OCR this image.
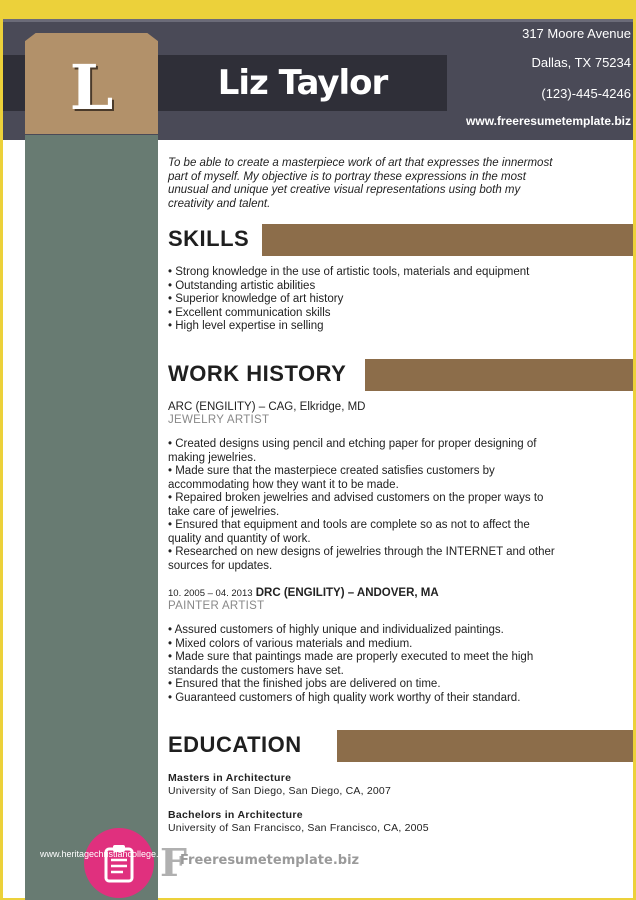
Liz Taylor
317 Moore Avenue
Dallas, TX 75234
(123)-445-4246
www.freeresumetemplate.biz
L
To be able to create a masterpiece work of art that expresses the innermost part of myself. My objective is to portray these expressions in the most unusual and unique yet creative visual representations using both my creativity and talent.
SKILLS
• Strong knowledge in the use of artistic tools, materials and equipment
• Outstanding artistic abilities
• Superior knowledge of art history
• Excellent communication skills
• High level expertise in selling
WORK HISTORY
ARC (ENGILITY) – CAG, Elkridge, MD
JEWELRY ARTIST
• Created designs using pencil and etching paper for proper designing of making jewelries.
• Made sure that the masterpiece created satisfies customers by accommodating how they want it to be made.
• Repaired broken jewelries and advised customers on the proper ways to take care of jewelries.
• Ensured that equipment and tools are complete so as not to affect the quality and quantity of work.
• Researched on new designs of jewelries through the INTERNET and other sources for updates.
10. 2005 – 04. 2013 DRC (ENGILITY) – ANDOVER, MA
PAINTER ARTIST
• Assured customers of highly unique and individualized paintings.
• Mixed colors of various materials and medium.
• Made sure that paintings made are properly executed to meet the high standards the customers have set.
• Ensured that the finished jobs are delivered on time.
• Guaranteed customers of high quality work worthy of their standard.
EDUCATION
Masters in Architecture
University of San Diego, San Diego, CA, 2007
Bachelors in Architecture
University of San Francisco, San Francisco, CA, 2005
www.heritagechristiancollege.com
F
Freeresumetemplate.biz
